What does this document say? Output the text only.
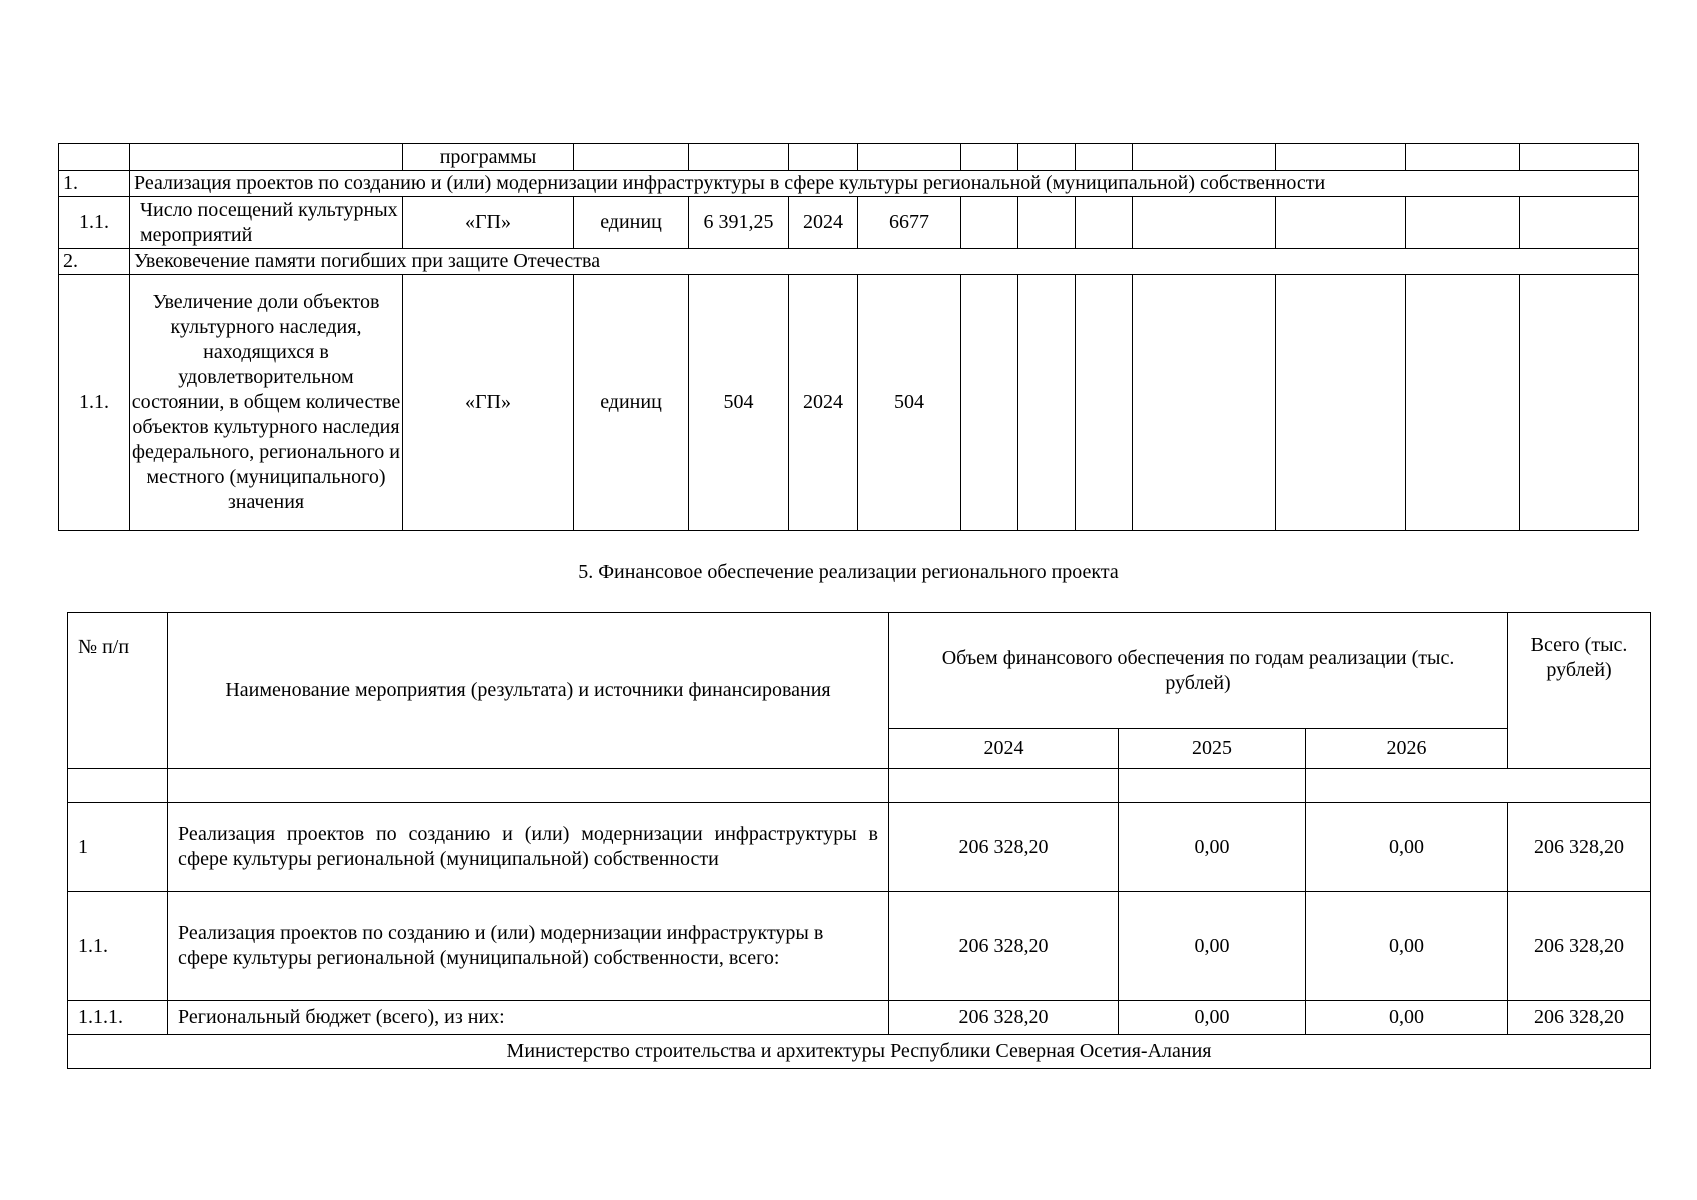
		программы											
1.	Реализация проектов по созданию и (или) модернизации инфраструктуры в сфере культуры региональной (муниципальной) собственности												
1.1.	Число посещений культурных мероприятий	«ГП»	единиц	6 391,25	2024	6677							
2.	Увековечение памяти погибших при защите Отечества												
1.1.	Увеличение доли объектов культурного наследия, находящихся в удовлетворительном состоянии, в общем количестве объектов культурного наследия федерального, регионального и местного (муниципального) значения	«ГП»	единиц	504	2024	504							
5. Финансовое обеспечение реализации регионального проекта
№ п/п	Наименование мероприятия (результата) и источники финансирования	Объем финансового обеспечения по годам реализации (тыс. рублей)			Всего (тыс. рублей)
		2024	2025	2026	

1	Реализация проектов по созданию и (или) модернизации инфраструктуры в сфере культуры региональной (муниципальной) собственности	206 328,20	0,00	0,00	206 328,20
1.1.	Реализация проектов по созданию и (или) модернизации инфраструктуры в сфере культуры региональной (муниципальной) собственности, всего:	206 328,20	0,00	0,00	206 328,20
1.1.1.	Региональный бюджет (всего), из них:	206 328,20	0,00	0,00	206 328,20
Министерство строительства и архитектуры Республики Северная Осетия-Алания					
